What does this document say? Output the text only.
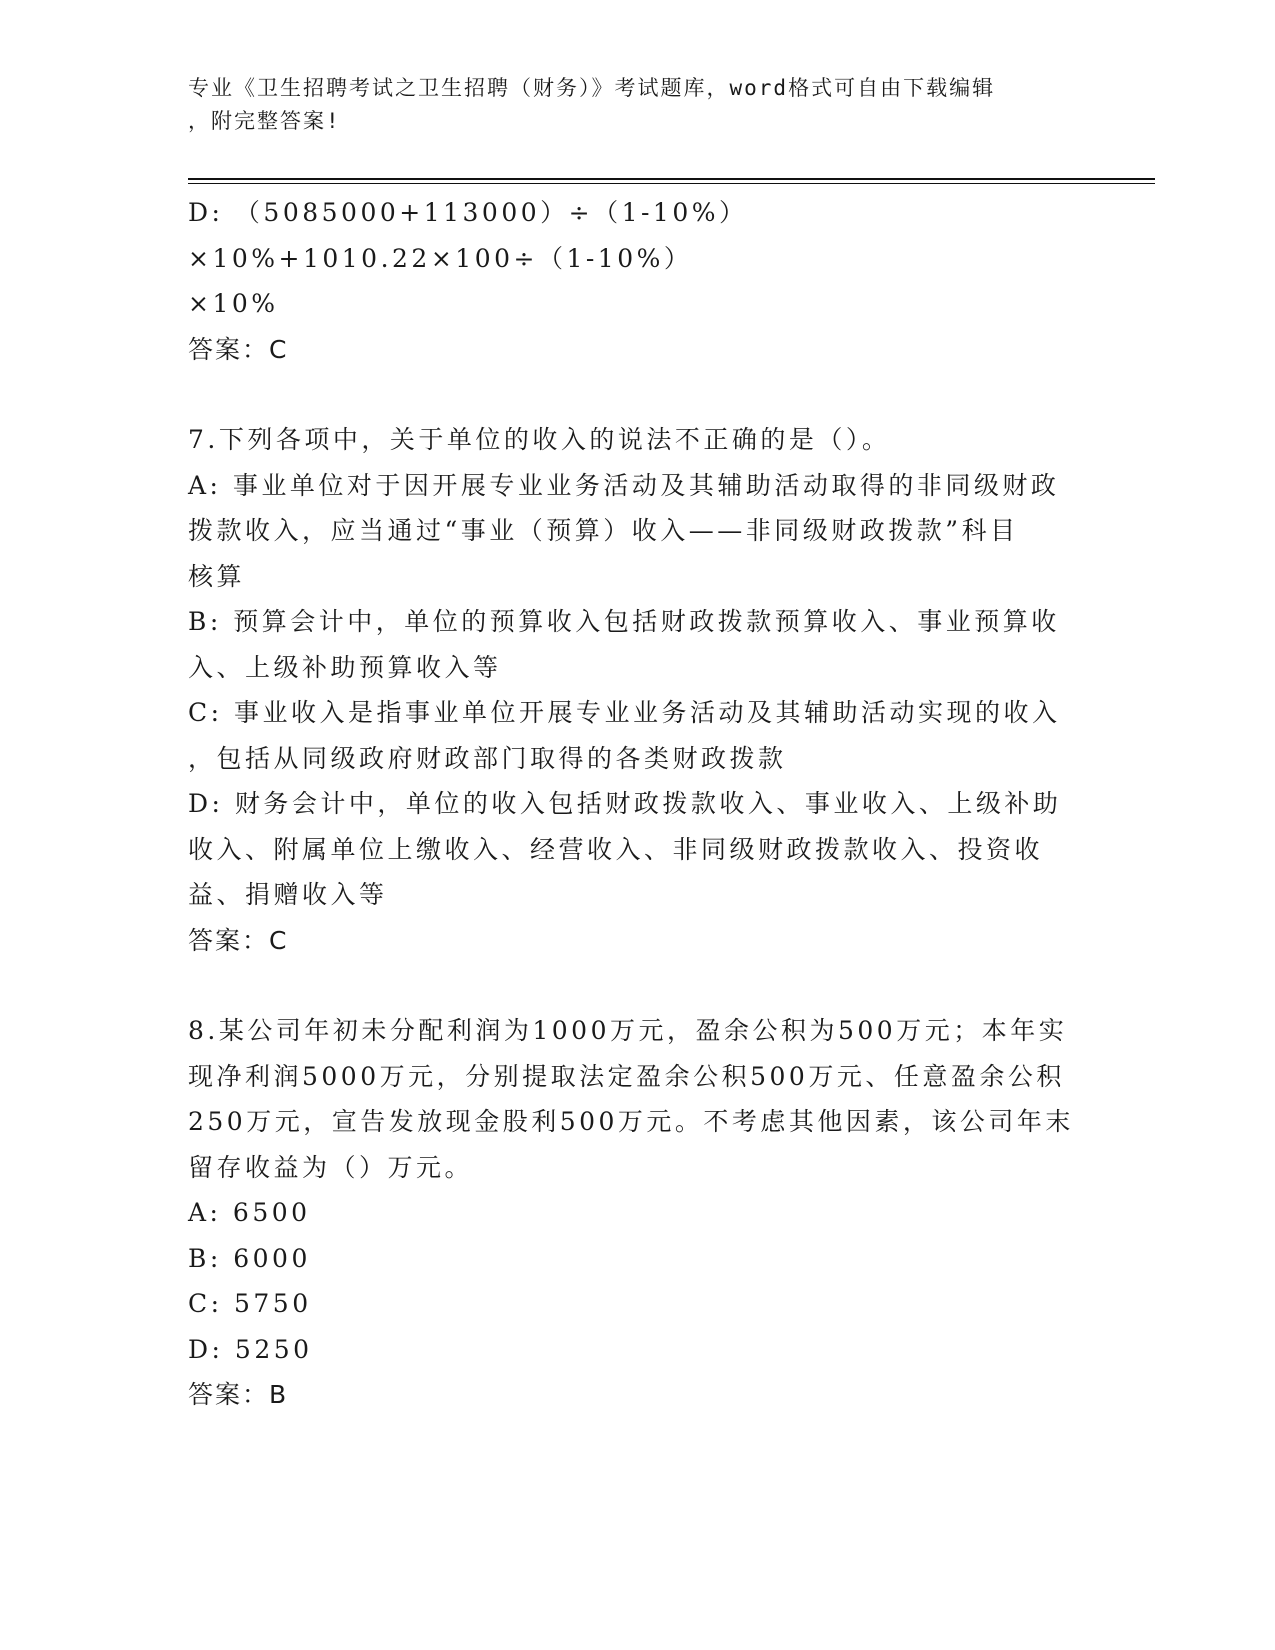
专业《卫生招聘考试之卫生招聘（财务）》考试题库，word格式可自由下载编辑
，附完整答案!

D: （5085000+113000）÷（1-10%）×10%+1010.22×100÷（1-10%）

×10%

答案：C

7.下列各项中，关于单位的收入的说法不正确的是（）。

A: 事业单位对于因开展专业业务活动及其辅助活动取得的非同级财政

拨款收入，应当通过“事业（预算）收入——非同级财政拨款”科目

核算

B: 预算会计中，单位的预算收入包括财政拨款预算收入、事业预算收

入、上级补助预算收入等

C: 事业收入是指事业单位开展专业业务活动及其辅助活动实现的收入

，包括从同级政府财政部门取得的各类财政拨款

D: 财务会计中，单位的收入包括财政拨款收入、事业收入、上级补助

收入、附属单位上缴收入、经营收入、非同级财政拨款收入、投资收

益、捐赠收入等

答案：C

8.某公司年初未分配利润为1000万元，盈余公积为500万元；本年实

现净利润5000万元，分别提取法定盈余公积500万元、任意盈余公积

250万元，宣告发放现金股利500万元。不考虑其他因素，该公司年末

留存收益为（）万元。

A: 6500

B: 6000

C: 5750

D: 5250

答案：B
